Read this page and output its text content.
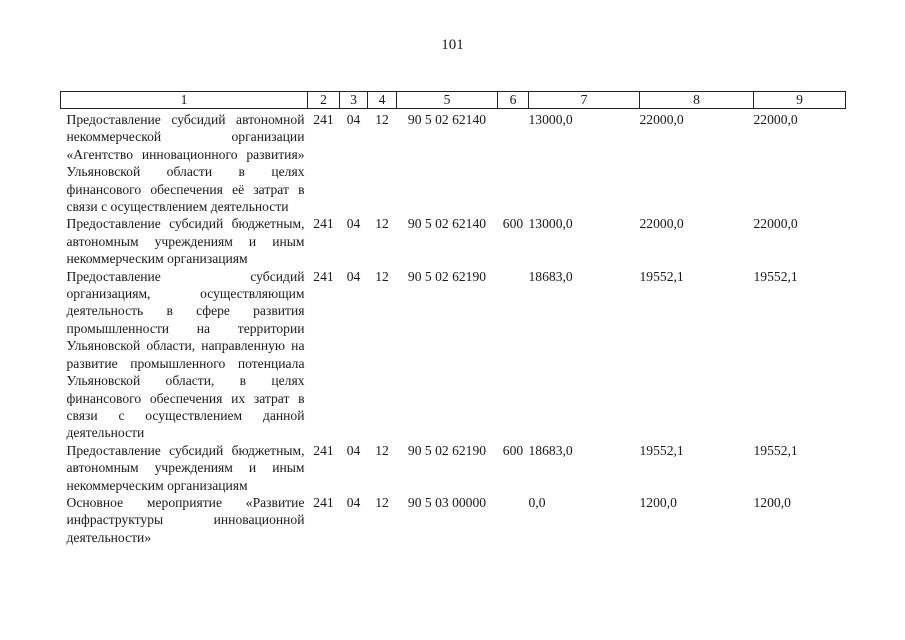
101
1	2	3	4	5	6	7	8	9
Предоставление субсидий автономной некоммерческой организации «Агентство инновационного развития» Ульяновской области в целях финансового обеспечения её затрат в связи с осуществлением деятельности	241	04	12	90 5 02 62140		13000,0	22000,0	22000,0
Предоставление субсидий бюджетным, автономным учреждениям и иным некоммерческим организациям	241	04	12	90 5 02 62140	600	13000,0	22000,0	22000,0
Предоставление субсидий организациям, осуществляющим деятельность в сфере развития промышленности на территории Ульяновской области, направленную на развитие промышленного потенциала Ульяновской области, в целях финансового обеспечения их затрат в связи с осуществлением данной деятельности	241	04	12	90 5 02 62190		18683,0	19552,1	19552,1
Предоставление субсидий бюджетным, автономным учреждениям и иным некоммерческим организациям	241	04	12	90 5 02 62190	600	18683,0	19552,1	19552,1
Основное мероприятие «Развитие инфраструктуры инновационной деятельности»	241	04	12	90 5 03 00000		0,0	1200,0	1200,0
